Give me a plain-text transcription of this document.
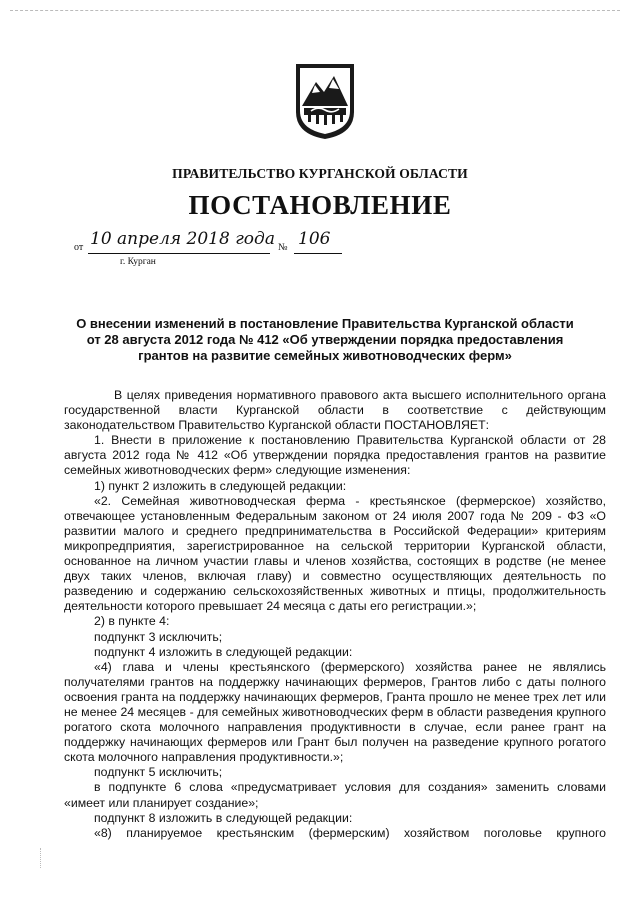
ПРАВИТЕЛЬСТВО КУРГАНСКОЙ ОБЛАСТИ
ПОСТАНОВЛЕНИЕ
от 10 апреля 2018 года № 106
г. Курган
О внесении изменений в постановление Правительства Курганской области
от 28 августа 2012 года № 412 «Об утверждении порядка предоставления
грантов на развитие семейных животноводческих ферм»
В целях приведения нормативного правового акта высшего исполнительного органа государственной власти Курганской области в соответствие с действующим законодательством Правительство Курганской области ПОСТАНОВЛЯЕТ:
1. Внести в приложение к постановлению Правительства Курганской области от 28 августа 2012 года № 412 «Об утверждении порядка предоставления грантов на развитие семейных животноводческих ферм» следующие изменения:
1) пункт 2 изложить в следующей редакции:
«2. Семейная животноводческая ферма - крестьянское (фермерское) хозяйство, отвечающее установленным Федеральным законом от 24 июля 2007 года № 209 - ФЗ «О развитии малого и среднего предпринимательства в Российской Федерации» критериям микропредприятия, зарегистрированное на сельской территории Курганской области, основанное на личном участии главы и членов хозяйства, состоящих в родстве (не менее двух таких членов, включая главу) и совместно осуществляющих деятельность по разведению и содержанию сельскохозяйственных животных и птицы, продолжительность деятельности которого превышает 24 месяца с даты его регистрации.»;
2) в пункте 4:
подпункт 3 исключить;
подпункт 4 изложить в следующей редакции:
«4) глава и члены крестьянского (фермерского) хозяйства ранее не являлись получателями грантов на поддержку начинающих фермеров, Грантов либо с даты полного освоения гранта на поддержку начинающих фермеров, Гранта прошло не менее трех лет или не менее 24 месяцев - для семейных животноводческих ферм в области разведения крупного рогатого скота молочного направления продуктивности в случае, если ранее грант на поддержку начинающих фермеров или Грант был получен на разведение крупного рогатого скота молочного направления продуктивности.»;
подпункт 5 исключить;
в подпункте 6 слова «предусматривает условия для создания» заменить словами «имеет или планирует создание»;
подпункт 8 изложить в следующей редакции:
«8) планируемое крестьянским (фермерским) хозяйством поголовье крупного
